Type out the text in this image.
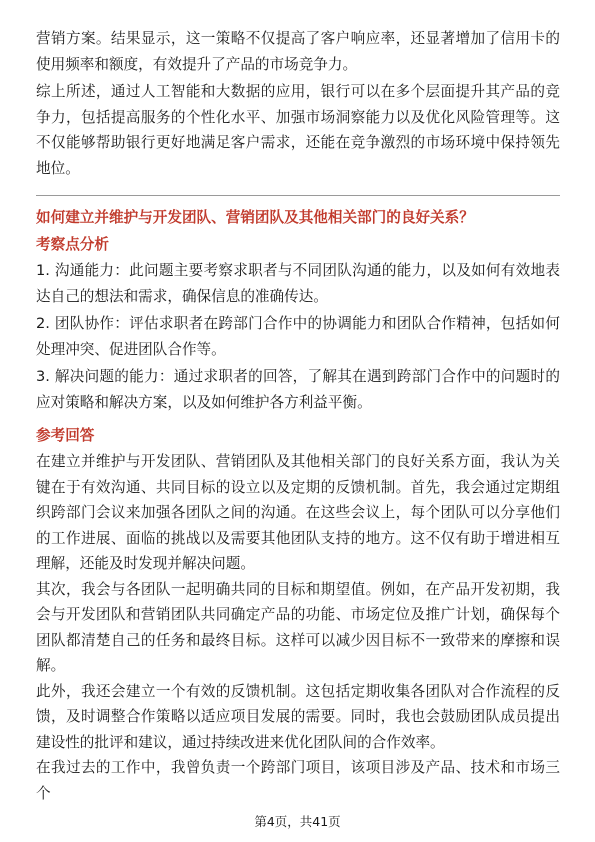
营销方案。结果显示，这一策略不仅提高了客户响应率，还显著增加了信用卡的使用频率和额度，有效提升了产品的市场竞争力。

综上所述，通过人工智能和大数据的应用，银行可以在多个层面提升其产品的竞争力，包括提高服务的个性化水平、加强市场洞察能力以及优化风险管理等。这不仅能够帮助银行更好地满足客户需求，还能在竞争激烈的市场环境中保持领先地位。

如何建立并维护与开发团队、营销团队及其他相关部门的良好关系？

考察点分析

1. 沟通能力：此问题主要考察求职者与不同团队沟通的能力，以及如何有效地表达自己的想法和需求，确保信息的准确传达。

2. 团队协作：评估求职者在跨部门合作中的协调能力和团队合作精神，包括如何处理冲突、促进团队合作等。

3. 解决问题的能力：通过求职者的回答，了解其在遇到跨部门合作中的问题时的应对策略和解决方案，以及如何维护各方利益平衡。

参考回答

在建立并维护与开发团队、营销团队及其他相关部门的良好关系方面，我认为关键在于有效沟通、共同目标的设立以及定期的反馈机制。首先，我会通过定期组织跨部门会议来加强各团队之间的沟通。在这些会议上，每个团队可以分享他们的工作进展、面临的挑战以及需要其他团队支持的地方。这不仅有助于增进相互理解，还能及时发现并解决问题。

其次，我会与各团队一起明确共同的目标和期望值。例如，在产品开发初期，我会与开发团队和营销团队共同确定产品的功能、市场定位及推广计划，确保每个团队都清楚自己的任务和最终目标。这样可以减少因目标不一致带来的摩擦和误解。

此外，我还会建立一个有效的反馈机制。这包括定期收集各团队对合作流程的反馈，及时调整合作策略以适应项目发展的需要。同时，我也会鼓励团队成员提出建设性的批评和建议，通过持续改进来优化团队间的合作效率。

在我过去的工作中，我曾负责一个跨部门项目，该项目涉及产品、技术和市场三个

第4页，共41页
